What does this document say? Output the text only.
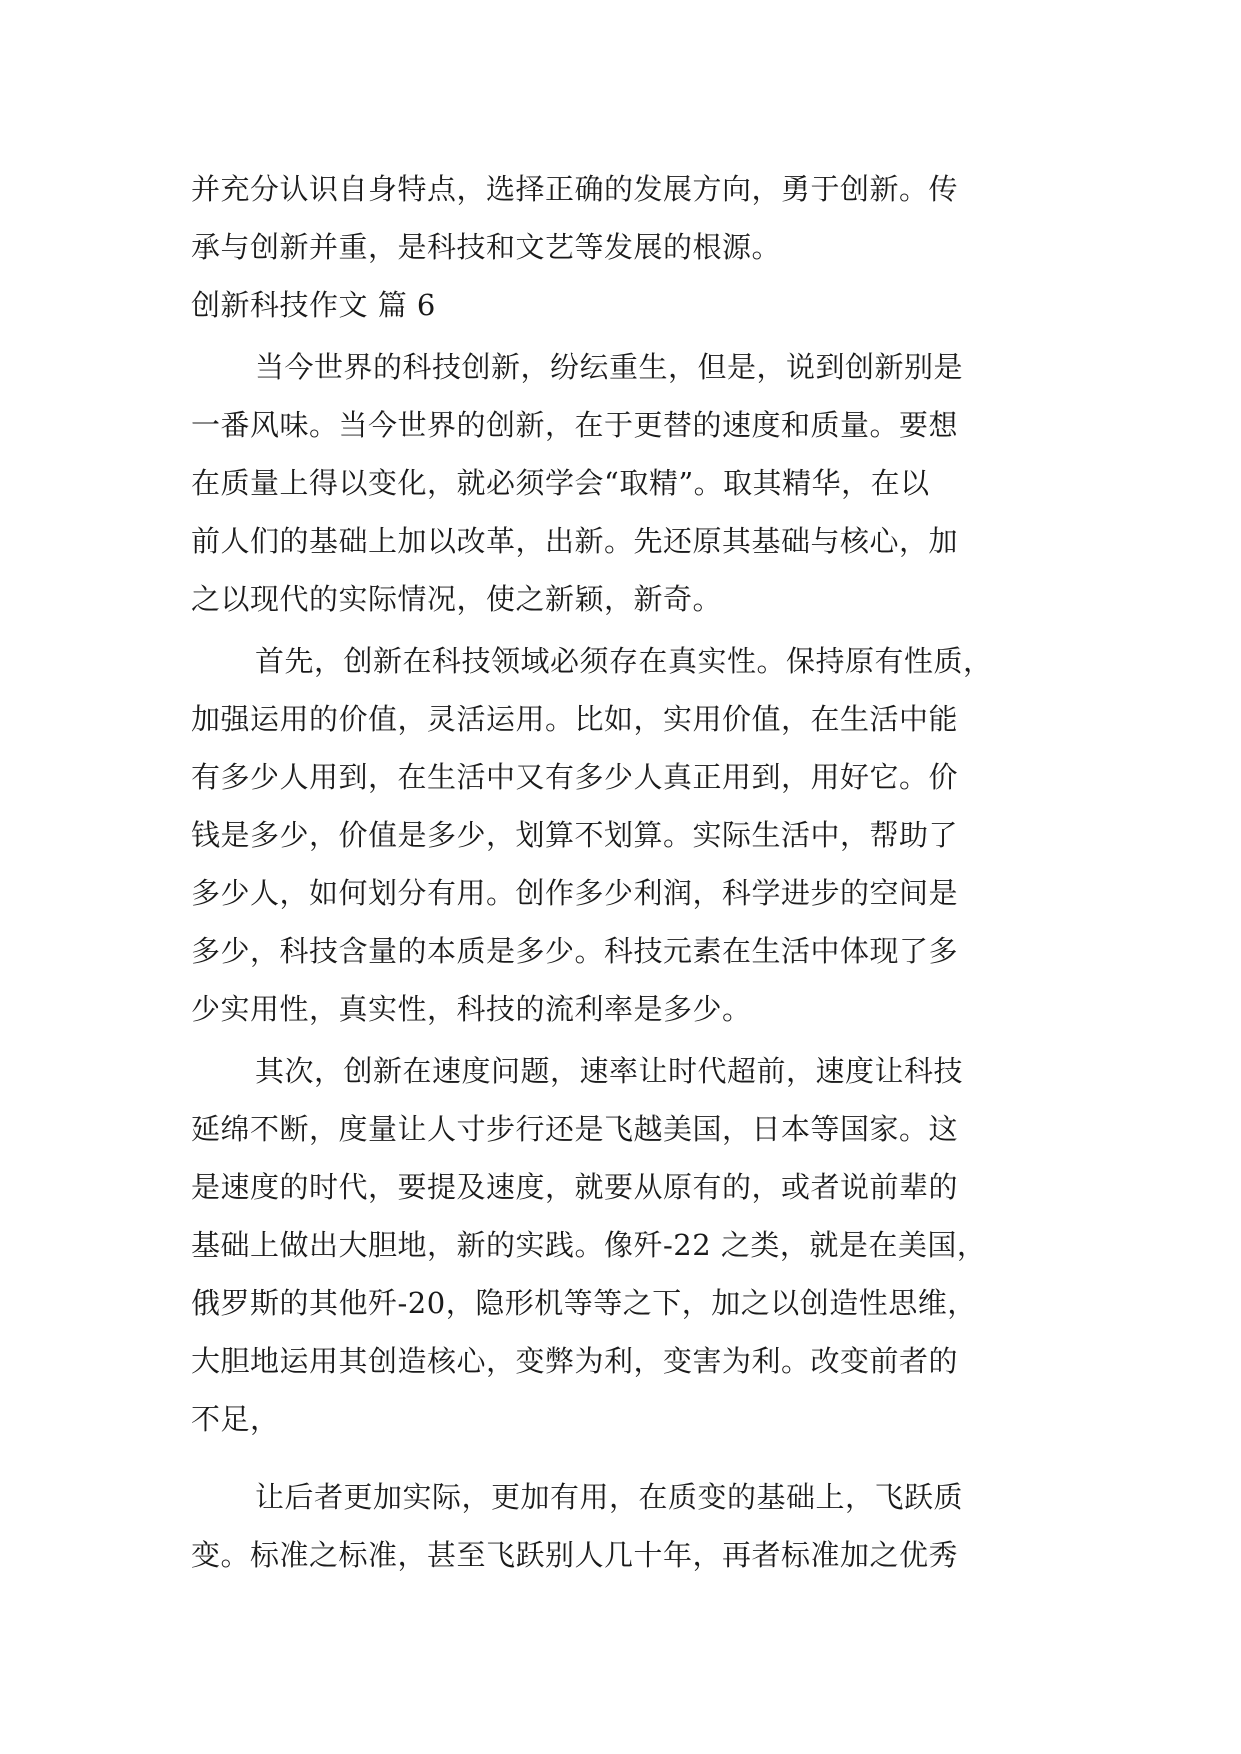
并充分认识自身特点，选择正确的发展方向，勇于创新。传

承与创新并重，是科技和文艺等发展的根源。

创新科技作文 篇 6

当今世界的科技创新，纷纭重生，但是，说到创新别是

一番风味。当今世界的创新，在于更替的速度和质量。要想

在质量上得以变化，就必须学会“取精”。取其精华，在以

前人们的基础上加以改革，出新。先还原其基础与核心，加

之以现代的实际情况，使之新颖，新奇。

首先，创新在科技领域必须存在真实性。保持原有性质，

加强运用的价值，灵活运用。比如，实用价值，在生活中能

有多少人用到，在生活中又有多少人真正用到，用好它。价

钱是多少，价值是多少，划算不划算。实际生活中，帮助了

多少人，如何划分有用。创作多少利润，科学进步的空间是

多少，科技含量的本质是多少。科技元素在生活中体现了多

少实用性，真实性，科技的流利率是多少。

其次，创新在速度问题，速率让时代超前，速度让科技

延绵不断，度量让人寸步行还是飞越美国，日本等国家。这

是速度的时代，要提及速度，就要从原有的，或者说前辈的

基础上做出大胆地，新的实践。像歼-22 之类，就是在美国，

俄罗斯的其他歼-20，隐形机等等之下，加之以创造性思维，

大胆地运用其创造核心，变弊为利，变害为利。改变前者的

不足，

让后者更加实际，更加有用，在质变的基础上，飞跃质

变。标准之标准，甚至飞跃别人几十年，再者标准加之优秀
